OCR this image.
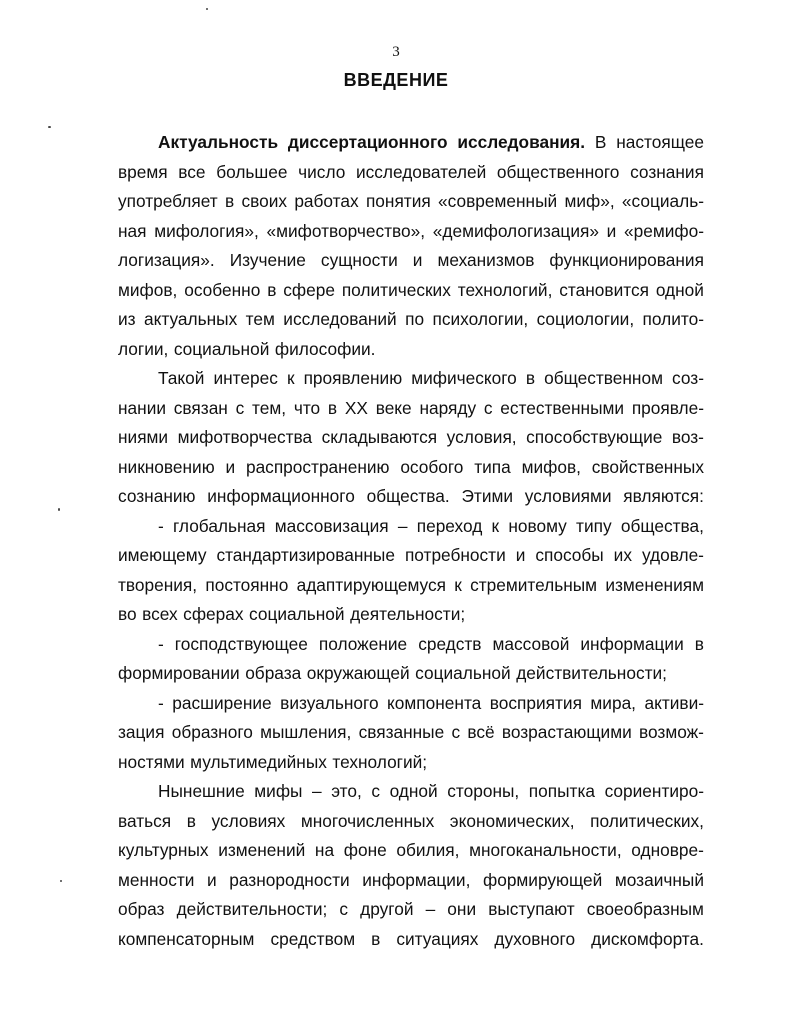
3
ВВЕДЕНИЕ
Актуальность диссертационного исследования. В настоящее
время все большее число исследователей общественного сознания
употребляет в своих работах понятия «современный миф», «социаль-
ная мифология», «мифотворчество», «демифологизация» и «ремифо-
логизация». Изучение сущности и механизмов функционирования
мифов, особенно в сфере политических технологий, становится одной
из актуальных тем исследований по психологии, социологии, полито-
логии, социальной философии.
Такой интерес к проявлению мифического в общественном соз-
нании связан с тем, что в XX веке наряду с естественными проявле-
ниями мифотворчества складываются условия, способствующие воз-
никновению и распространению особого типа мифов, свойственных
сознанию информационного общества. Этими условиями являются:
- глобальная массовизация – переход к новому типу общества,
имеющему стандартизированные потребности и способы их удовле-
творения, постоянно адаптирующемуся к стремительным изменениям
во всех сферах социальной деятельности;
- господствующее положение средств массовой информации в
формировании образа окружающей социальной действительности;
- расширение визуального компонента восприятия мира, активи-
зация образного мышления, связанные с всё возрастающими возмож-
ностями мультимедийных технологий;
Нынешние мифы – это, с одной стороны, попытка сориентиро-
ваться в условиях многочисленных экономических, политических,
культурных изменений на фоне обилия, многоканальности, одновре-
менности и разнородности информации, формирующей мозаичный
образ действительности; с другой – они выступают своеобразным
компенсаторным средством в ситуациях духовного дискомфорта.
